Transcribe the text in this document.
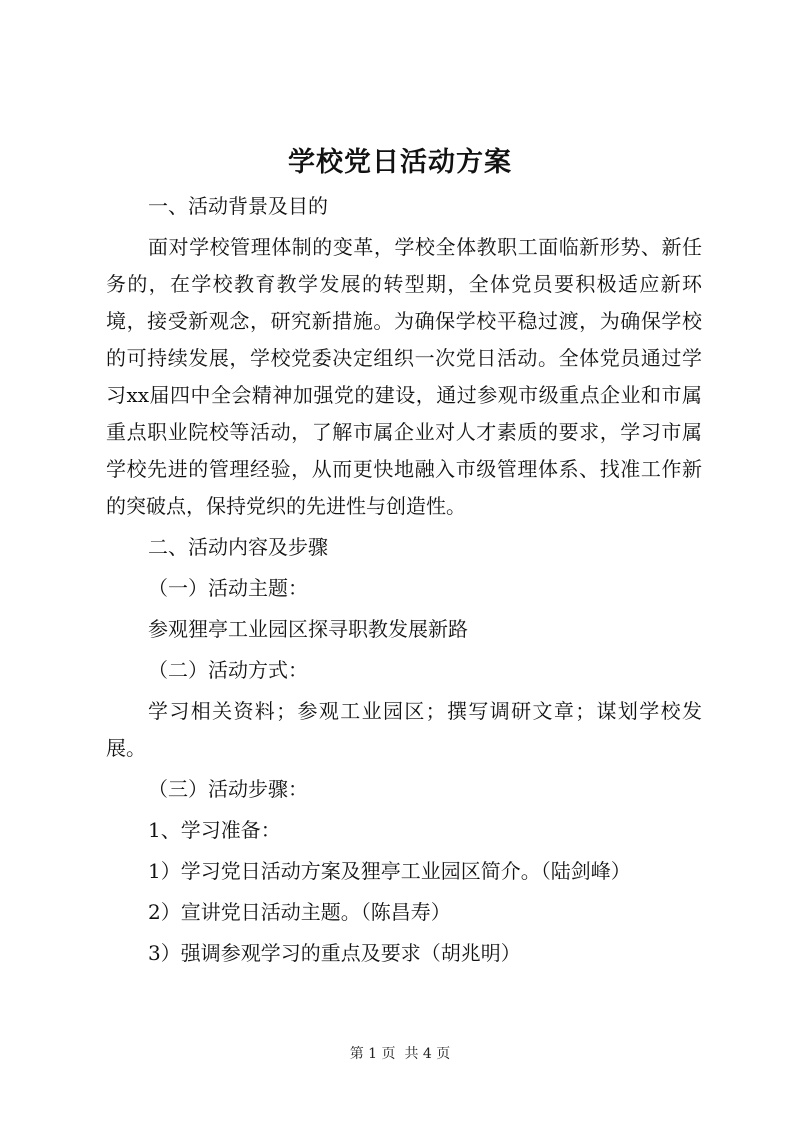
学校党日活动方案

一、活动背景及目的

面对学校管理体制的变革，学校全体教职工面临新形势、新任务的，在学校教育教学发展的转型期，全体党员要积极适应新环境，接受新观念，研究新措施。为确保学校平稳过渡，为确保学校的可持续发展，学校党委决定组织一次党日活动。全体党员通过学习xx届四中全会精神加强党的建设，通过参观市级重点企业和市属重点职业院校等活动，了解市属企业对人才素质的要求，学习市属学校先进的管理经验，从而更快地融入市级管理体系、找准工作新的突破点，保持党织的先进性与创造性。

二、活动内容及步骤

（一）活动主题：

参观狸亭工业园区探寻职教发展新路

（二）活动方式：

学习相关资料；参观工业园区；撰写调研文章；谋划学校发展。

（三）活动步骤：

1、学习准备：

1）学习党日活动方案及狸亭工业园区简介。（陆剑峰）

2）宣讲党日活动主题。（陈昌寿）

3）强调参观学习的重点及要求（胡兆明）

第 1 页  共 4 页
